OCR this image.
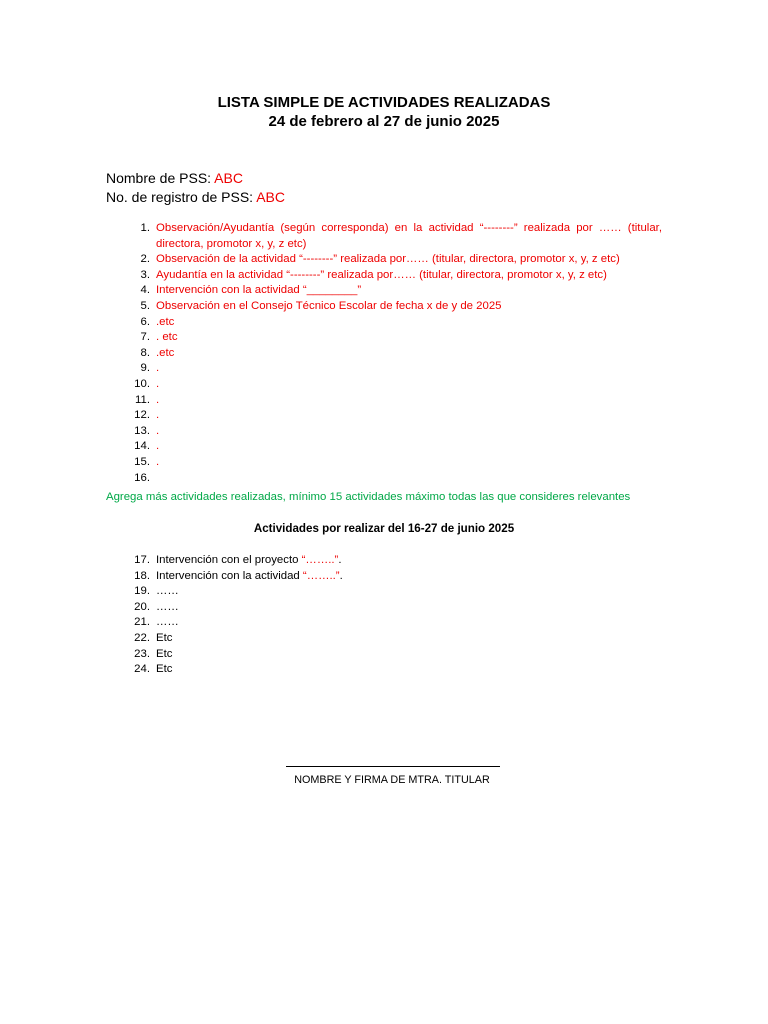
LISTA SIMPLE DE ACTIVIDADES REALIZADAS
24 de febrero al 27 de junio 2025
Nombre de PSS: ABC
No. de registro de PSS: ABC
1. Observación/Ayudantía (según corresponda) en la actividad “--------” realizada por …… (titular, directora, promotor x, y, z etc)
2. Observación de la actividad “--------” realizada por…… (titular, directora, promotor x, y, z etc)
3. Ayudantía en la actividad “--------” realizada por…… (titular, directora, promotor x, y, z etc)
4. Intervención con la actividad “________”
5. Observación en el Consejo Técnico Escolar de fecha x de y de 2025
6. .etc
7. . etc
8. .etc
9. .
10. .
11. .
12. .
13. .
14. .
15. .
16.

Agrega más actividades realizadas, mínimo 15 actividades máximo todas las que consideres relevantes
Actividades por realizar del 16-27 de junio 2025
17. Intervención con el proyecto “……..”.
18. Intervención con la actividad “……..”.
19. ……
20. ……
21. ……
22. Etc
23. Etc
24. Etc
NOMBRE Y FIRMA DE MTRA. TITULAR
